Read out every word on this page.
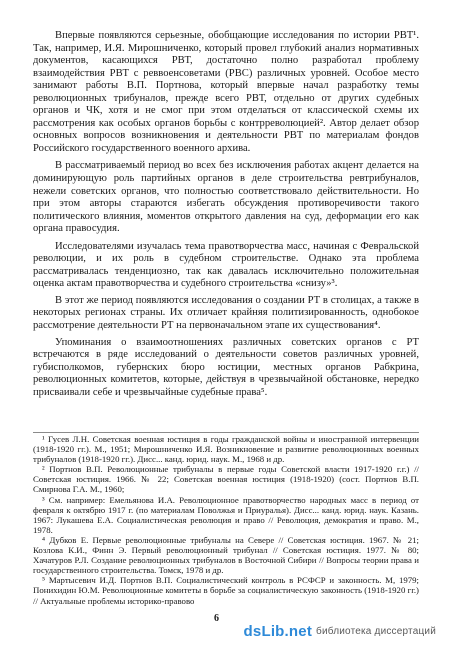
Впервые появляются серьезные, обобщающие исследования по истории РВТ¹. Так, например, И.Я. Мирошниченко, который провел глубокий анализ нормативных документов, касающихся РВТ, достаточно полно разработал проблему взаимодействия РВТ с реввоенсоветами (РВС) различных уровней. Особое место занимают работы В.П. Портнова, который впервые начал разработку темы революционных трибуналов, прежде всего РВТ, отдельно от других судебных органов и ЧК, хотя и не смог при этом отделаться от классической схемы их рассмотрения как особых органов борьбы с контрреволюцией². Автор делает обзор основных вопросов возникновения и деятельности РВТ по материалам фондов Российского государственного военного архива.

В рассматриваемый период во всех без исключения работах акцент делается на доминирующую роль партийных органов в деле строительства ревтрибуналов, нежели советских органов, что полностью соответствовало действительности. Но при этом авторы стараются избегать обсуждения противоречивости такого политического влияния, моментов открытого давления на суд, деформации его как органа правосудия.

Исследователями изучалась тема правотворчества масс, начиная с Февральской революции, и их роль в судебном строительстве. Однако эта проблема рассматривалась тенденциозно, так как давалась исключительно положительная оценка актам правотворчества и судебного строительства «снизу»³.

В этот же период появляются исследования о создании РТ в столицах, а также в некоторых регионах страны. Их отличает крайняя политизированность, однобокое рассмотрение деятельности РТ на первоначальном этапе их существования⁴.

Упоминания о взаимоотношениях различных советских органов с РТ встречаются в ряде исследований о деятельности советов различных уровней, губисполкомов, губернских бюро юстиции, местных органов Рабкрина, революционных комитетов, которые, действуя в чрезвычайной обстановке, нередко присваивали себе и чрезвычайные судебные права⁵.

¹ Гусев Л.Н. Советская военная юстиция в годы гражданской войны и иностранной интервенции (1918-1920 гг.). М., 1951; Мирошниченко И.Я. Возникновение и развитие революционных военных трибуналов (1918-1920 гг.). Дисс... канд. юрид. наук. М., 1968 и др.

² Портнов В.П. Революционные трибуналы в первые годы Советской власти 1917-1920 г.г.) // Советская юстиция. 1966. № 22; Советская военная юстиция (1918-1920) (сост. Портнов В.П. Смирнова Г.А. М., 1960;

³ См. например: Емельянова И.А. Революционное правотворчество народных масс в период от февраля к октябрю 1917 г. (по материалам Поволжья и Приуралья). Дисс... канд. юрид. наук. Казань. 1967: Лукашева Е.А. Социалистическая революция и право // Революция, демократия и право. М., 1978.

⁴ Дубков Е. Первые революционные трибуналы на Севере // Советская юстиция. 1967. № 21; Козлова К.И., Финн Э. Первый революционный трибунал // Советская юстиция. 1977. № 80; Хачатуров Р.Л. Создание революционных трибуналов в Восточной Сибири // Вопросы теории права и государственного строительства. Томск, 1978 и др.

⁵ Мартысевич И.Д. Портнов В.П. Социалистический контроль в РСФСР и законность. М, 1979; Понихидин Ю.М. Революционные комитеты в борьбе за социалистическую законность (1918-1920 гг.) // Актуальные проблемы историко-правово

6
dsLib.net библиотека диссертаций
